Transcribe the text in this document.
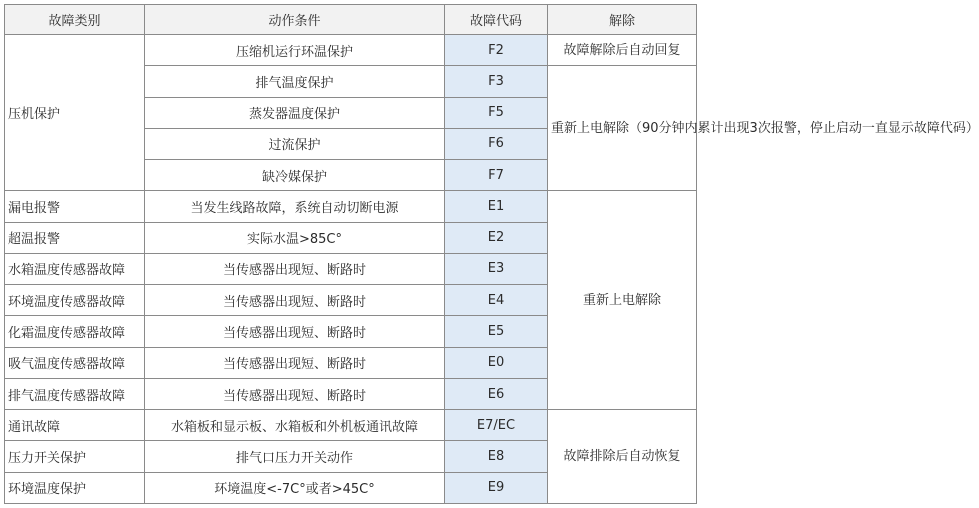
故障类别	动作条件	故障代码	解除
压机保护	压缩机运行环温保护	F2	故障解除后自动回复
	排气温度保护	F3	重新上电解除（90分钟内累计出现3次报警，停止启动一直显示故障代码）
	蒸发器温度保护	F5	
	过流保护	F6	
	缺冷媒保护	F7	
漏电报警	当发生线路故障，系统自动切断电源	E1	重新上电解除
超温报警	实际水温>85C°	E2	
水箱温度传感器故障	当传感器出现短、断路时	E3	
环境温度传感器故障	当传感器出现短、断路时	E4	
化霜温度传感器故障	当传感器出现短、断路时	E5	
吸气温度传感器故障	当传感器出现短、断路时	E0	
排气温度传感器故障	当传感器出现短、断路时	E6	
通讯故障	水箱板和显示板、水箱板和外机板通讯故障	E7/EC	故障排除后自动恢复
压力开关保护	排气口压力开关动作	E8	
环境温度保护	环境温度<-7C°或者>45C°	E9	
